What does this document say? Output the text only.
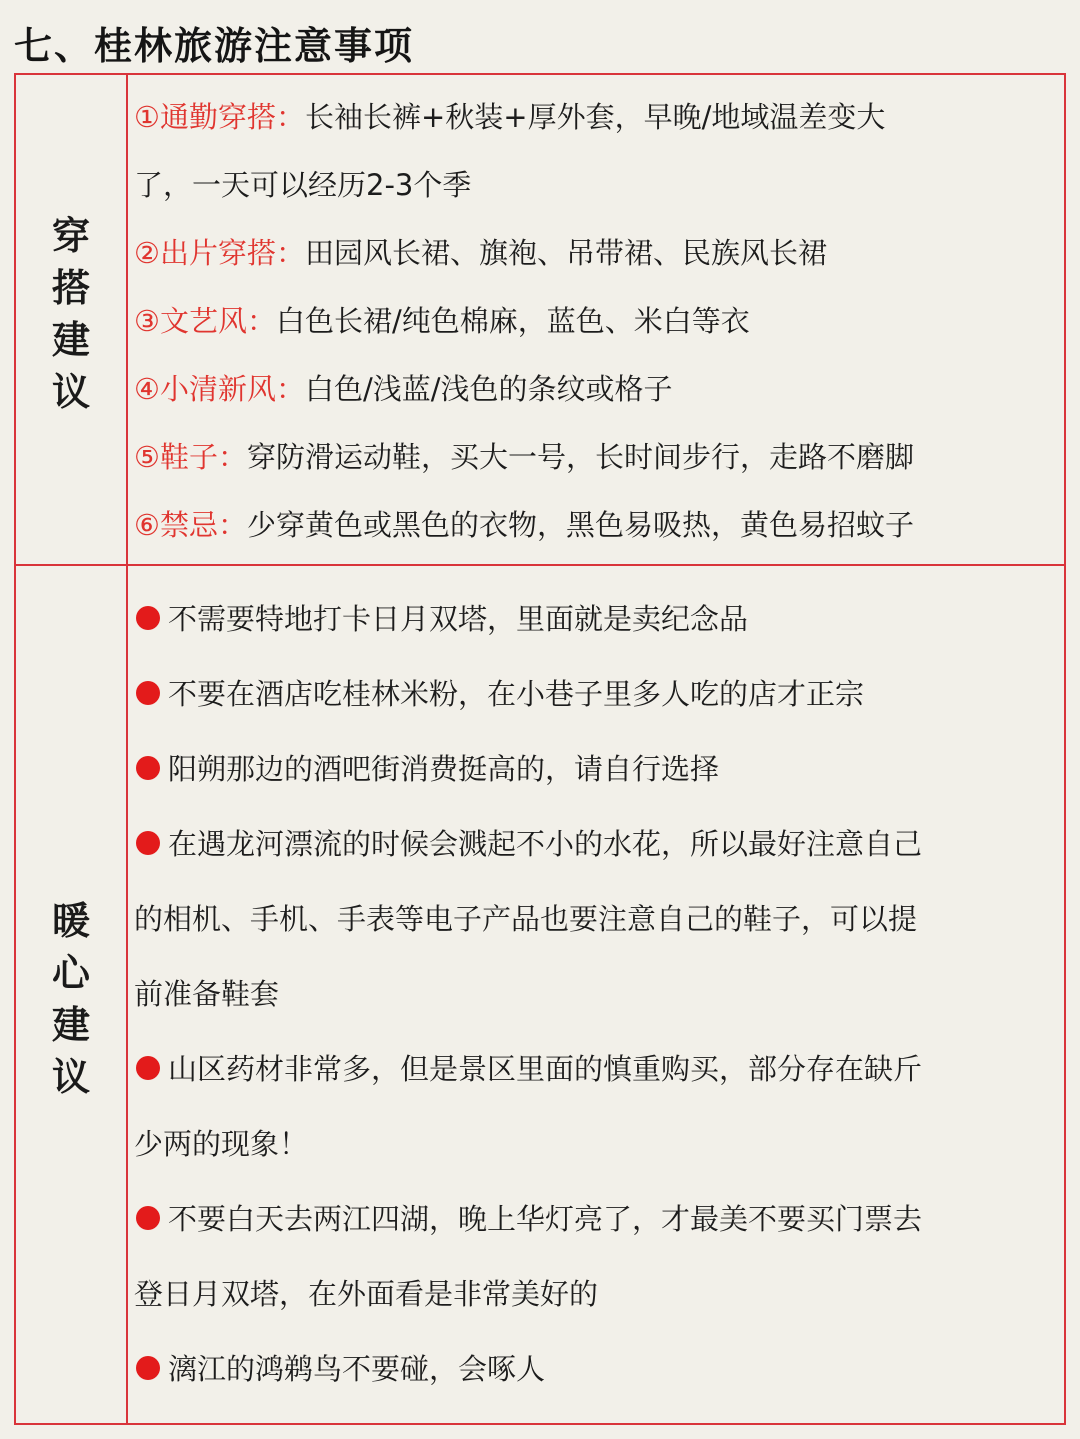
七、桂林旅游注意事项
穿
搭
建
议
①通勤穿搭：长袖长裤+秋装+厚外套，早晚/地域温差变大
了，一天可以经历2-3个季
②出片穿搭：田园风长裙、旗袍、吊带裙、民族风长裙
③文艺风：白色长裙/纯色棉麻，蓝色、米白等衣
④小清新风：白色/浅蓝/浅色的条纹或格子
⑤鞋子：穿防滑运动鞋，买大一号，长时间步行，走路不磨脚
⑥禁忌：少穿黄色或黑色的衣物，黑色易吸热，黄色易招蚊子
暖
心
建
议
不需要特地打卡日月双塔，里面就是卖纪念品
不要在酒店吃桂林米粉，在小巷子里多人吃的店才正宗
阳朔那边的酒吧街消费挺高的，请自行选择
在遇龙河漂流的时候会溅起不小的水花，所以最好注意自己
的相机、手机、手表等电子产品也要注意自己的鞋子，可以提
前准备鞋套
山区药材非常多，但是景区里面的慎重购买，部分存在缺斤
少两的现象！
不要白天去两江四湖，晚上华灯亮了，才最美不要买门票去
登日月双塔，在外面看是非常美好的
漓江的鸿鹈鸟不要碰，会啄人
